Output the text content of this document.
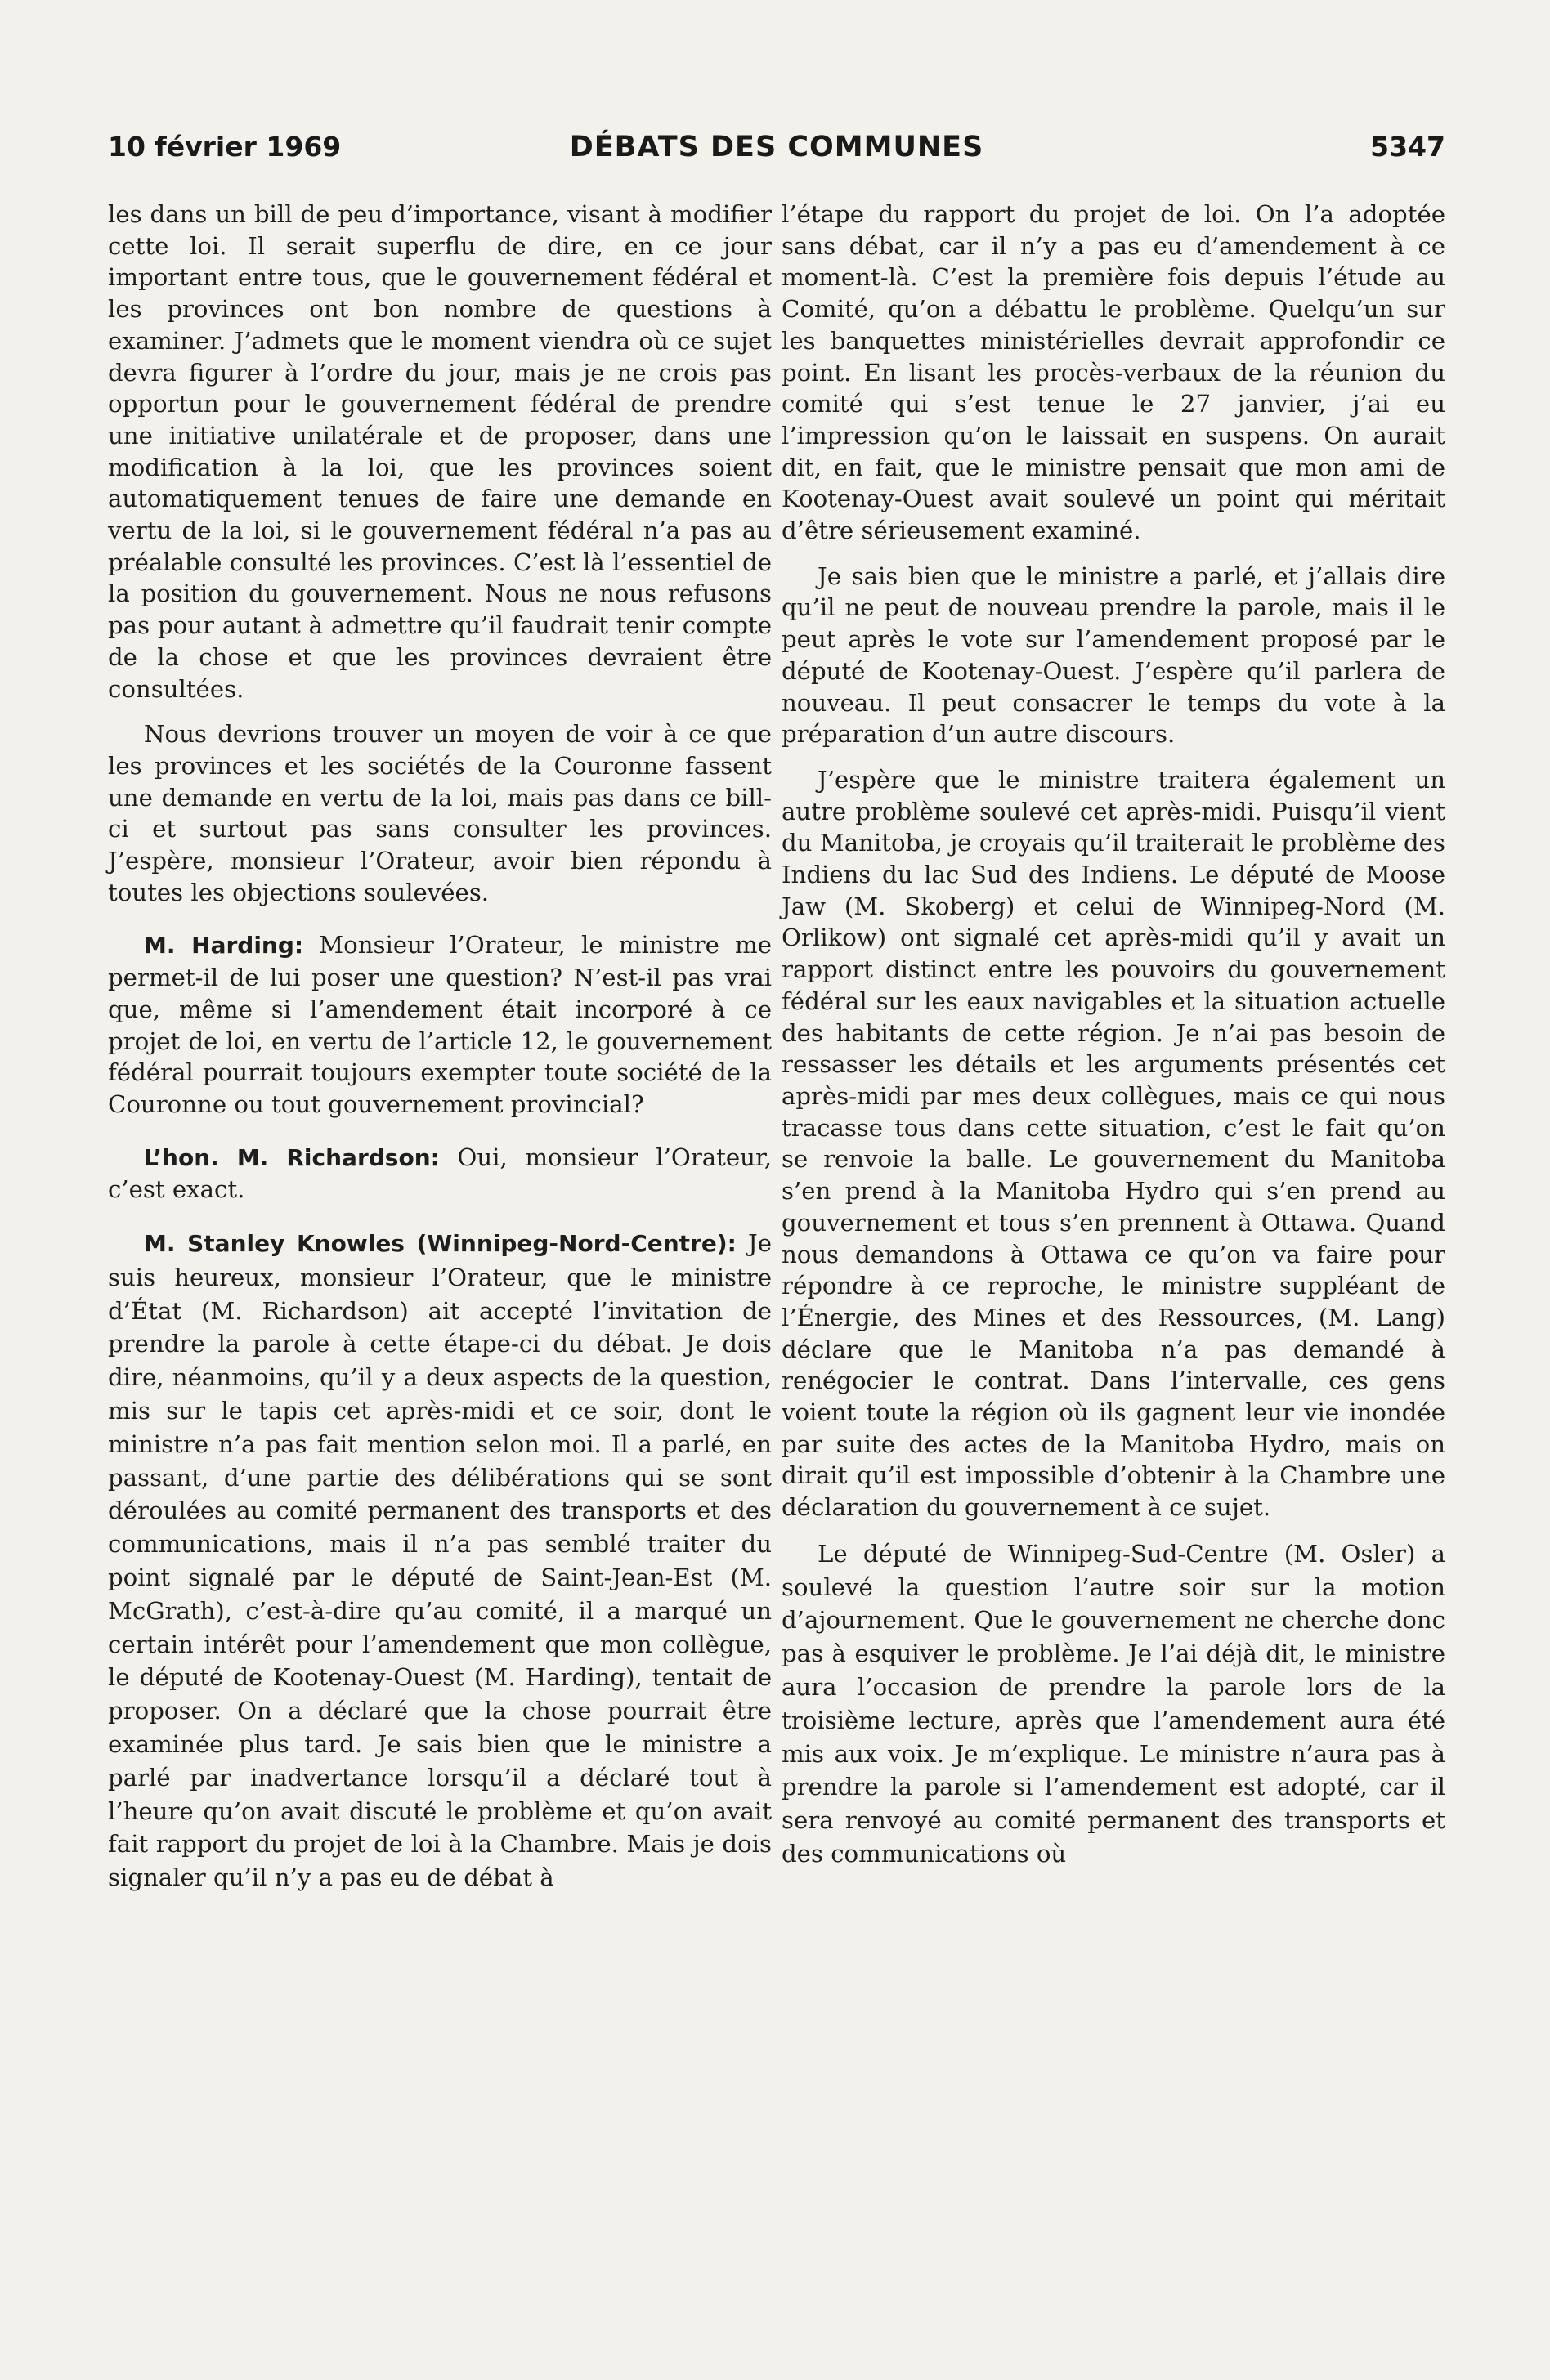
10 février 1969	DÉBATS DES COMMUNES	5347

les dans un bill de peu d’importance, visant à modifier cette loi. Il serait superflu de dire, en ce jour important entre tous, que le gouvernement fédéral et les provinces ont bon nombre de questions à examiner. J’admets que le moment viendra où ce sujet devra figurer à l’ordre du jour, mais je ne crois pas opportun pour le gouvernement fédéral de prendre une initiative unilatérale et de proposer, dans une modification à la loi, que les provinces soient automatiquement tenues de faire une demande en vertu de la loi, si le gouvernement fédéral n’a pas au préalable consulté les provinces. C’est là l’essentiel de la position du gouvernement. Nous ne nous refusons pas pour autant à admettre qu’il faudrait tenir compte de la chose et que les provinces devraient être consultées.

Nous devrions trouver un moyen de voir à ce que les provinces et les sociétés de la Couronne fassent une demande en vertu de la loi, mais pas dans ce bill-ci et surtout pas sans consulter les provinces. J’espère, monsieur l’Orateur, avoir bien répondu à toutes les objections soulevées.

M. Harding: Monsieur l’Orateur, le ministre me permet-il de lui poser une question? N’est-il pas vrai que, même si l’amendement était incorporé à ce projet de loi, en vertu de l’article 12, le gouvernement fédéral pourrait toujours exempter toute société de la Couronne ou tout gouvernement provincial?

L’hon. M. Richardson: Oui, monsieur l’Orateur, c’est exact.

M. Stanley Knowles (Winnipeg-Nord-Centre): Je suis heureux, monsieur l’Orateur, que le ministre d’État (M. Richardson) ait accepté l’invitation de prendre la parole à cette étape-ci du débat. Je dois dire, néanmoins, qu’il y a deux aspects de la question, mis sur le tapis cet après-midi et ce soir, dont le ministre n’a pas fait mention selon moi. Il a parlé, en passant, d’une partie des délibérations qui se sont déroulées au comité permanent des transports et des communications, mais il n’a pas semblé traiter du point signalé par le député de Saint-Jean-Est (M. McGrath), c’est-à-dire qu’au comité, il a marqué un certain intérêt pour l’amendement que mon collègue, le député de Kootenay-Ouest (M. Harding), tentait de proposer. On a déclaré que la chose pourrait être examinée plus tard. Je sais bien que le ministre a parlé par inadvertance lorsqu’il a déclaré tout à l’heure qu’on avait discuté le problème et qu’on avait fait rapport du projet de loi à la Chambre. Mais je dois signaler qu’il n’y a pas eu de débat à

l’étape du rapport du projet de loi. On l’a adoptée sans débat, car il n’y a pas eu d’amendement à ce moment-là. C’est la première fois depuis l’étude au Comité, qu’on a débattu le problème. Quelqu’un sur les banquettes ministérielles devrait approfondir ce point. En lisant les procès-verbaux de la réunion du comité qui s’est tenue le 27 janvier, j’ai eu l’impression qu’on le laissait en suspens. On aurait dit, en fait, que le ministre pensait que mon ami de Kootenay-Ouest avait soulevé un point qui méritait d’être sérieusement examiné.

Je sais bien que le ministre a parlé, et j’allais dire qu’il ne peut de nouveau prendre la parole, mais il le peut après le vote sur l’amendement proposé par le député de Kootenay-Ouest. J’espère qu’il parlera de nouveau. Il peut consacrer le temps du vote à la préparation d’un autre discours.

J’espère que le ministre traitera également un autre problème soulevé cet après-midi. Puisqu’il vient du Manitoba, je croyais qu’il traiterait le problème des Indiens du lac Sud des Indiens. Le député de Moose Jaw (M. Skoberg) et celui de Winnipeg-Nord (M. Orlikow) ont signalé cet après-midi qu’il y avait un rapport distinct entre les pouvoirs du gouvernement fédéral sur les eaux navigables et la situation actuelle des habitants de cette région. Je n’ai pas besoin de ressasser les détails et les arguments présentés cet après-midi par mes deux collègues, mais ce qui nous tracasse tous dans cette situation, c’est le fait qu’on se renvoie la balle. Le gouvernement du Manitoba s’en prend à la Manitoba Hydro qui s’en prend au gouvernement et tous s’en prennent à Ottawa. Quand nous demandons à Ottawa ce qu’on va faire pour répondre à ce reproche, le ministre suppléant de l’Énergie, des Mines et des Ressources, (M. Lang) déclare que le Manitoba n’a pas demandé à renégocier le contrat. Dans l’intervalle, ces gens voient toute la région où ils gagnent leur vie inondée par suite des actes de la Manitoba Hydro, mais on dirait qu’il est impossible d’obtenir à la Chambre une déclaration du gouvernement à ce sujet.

Le député de Winnipeg-Sud-Centre (M. Osler) a soulevé la question l’autre soir sur la motion d’ajournement. Que le gouvernement ne cherche donc pas à esquiver le problème. Je l’ai déjà dit, le ministre aura l’occasion de prendre la parole lors de la troisième lecture, après que l’amendement aura été mis aux voix. Je m’explique. Le ministre n’aura pas à prendre la parole si l’amendement est adopté, car il sera renvoyé au comité permanent des transports et des communications où
